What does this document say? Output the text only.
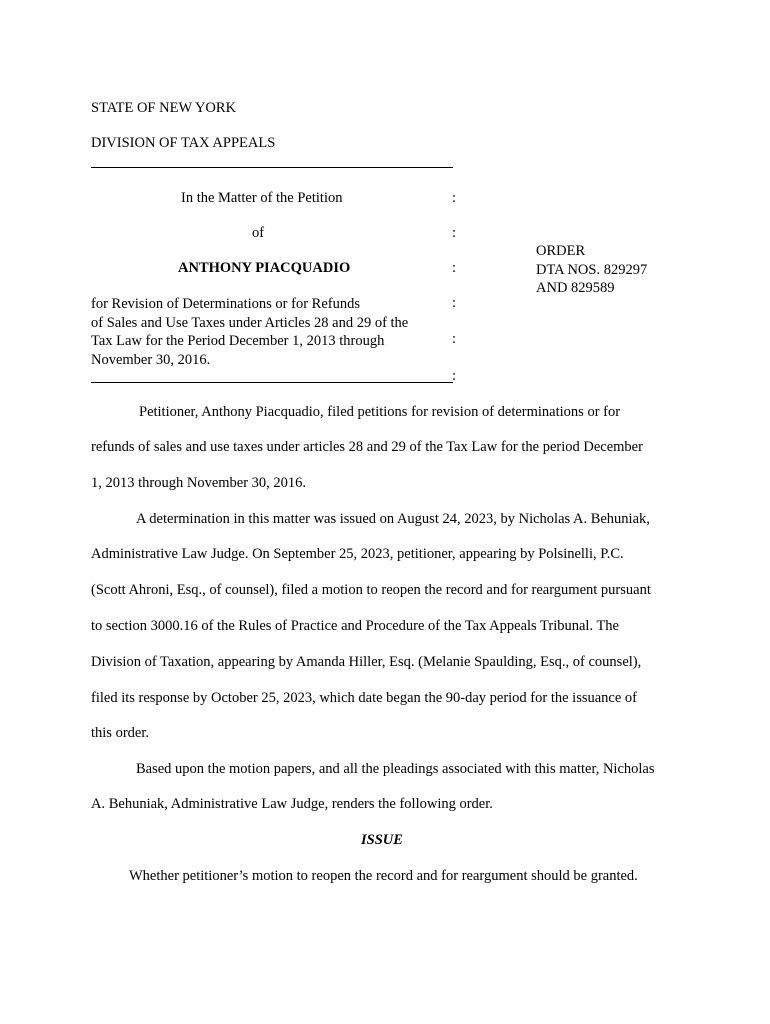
STATE OF NEW YORK
DIVISION OF TAX APPEALS
In the Matter of the Petition
of
ANTHONY PIACQUADIO
for Revision of Determinations or for Refunds
of Sales and Use Taxes under Articles 28 and 29 of the
Tax Law for the Period December 1, 2013 through
November 30, 2016.
:
:
:
:
:
:
ORDER
DTA NOS. 829297
AND 829589
Petitioner, Anthony Piacquadio, filed petitions for revision of determinations or for
refunds of sales and use taxes under articles 28 and 29 of the Tax Law for the period December
1, 2013 through November 30, 2016.
A determination in this matter was issued on August 24, 2023, by Nicholas A. Behuniak,
Administrative Law Judge. On September 25, 2023, petitioner, appearing by Polsinelli, P.C.
(Scott Ahroni, Esq., of counsel), filed a motion to reopen the record and for reargument pursuant
to section 3000.16 of the Rules of Practice and Procedure of the Tax Appeals Tribunal. The
Division of Taxation, appearing by Amanda Hiller, Esq. (Melanie Spaulding, Esq., of counsel),
filed its response by October 25, 2023, which date began the 90-day period for the issuance of
this order.
Based upon the motion papers, and all the pleadings associated with this matter, Nicholas
A. Behuniak, Administrative Law Judge, renders the following order.
ISSUE
Whether petitioner’s motion to reopen the record and for reargument should be granted.
